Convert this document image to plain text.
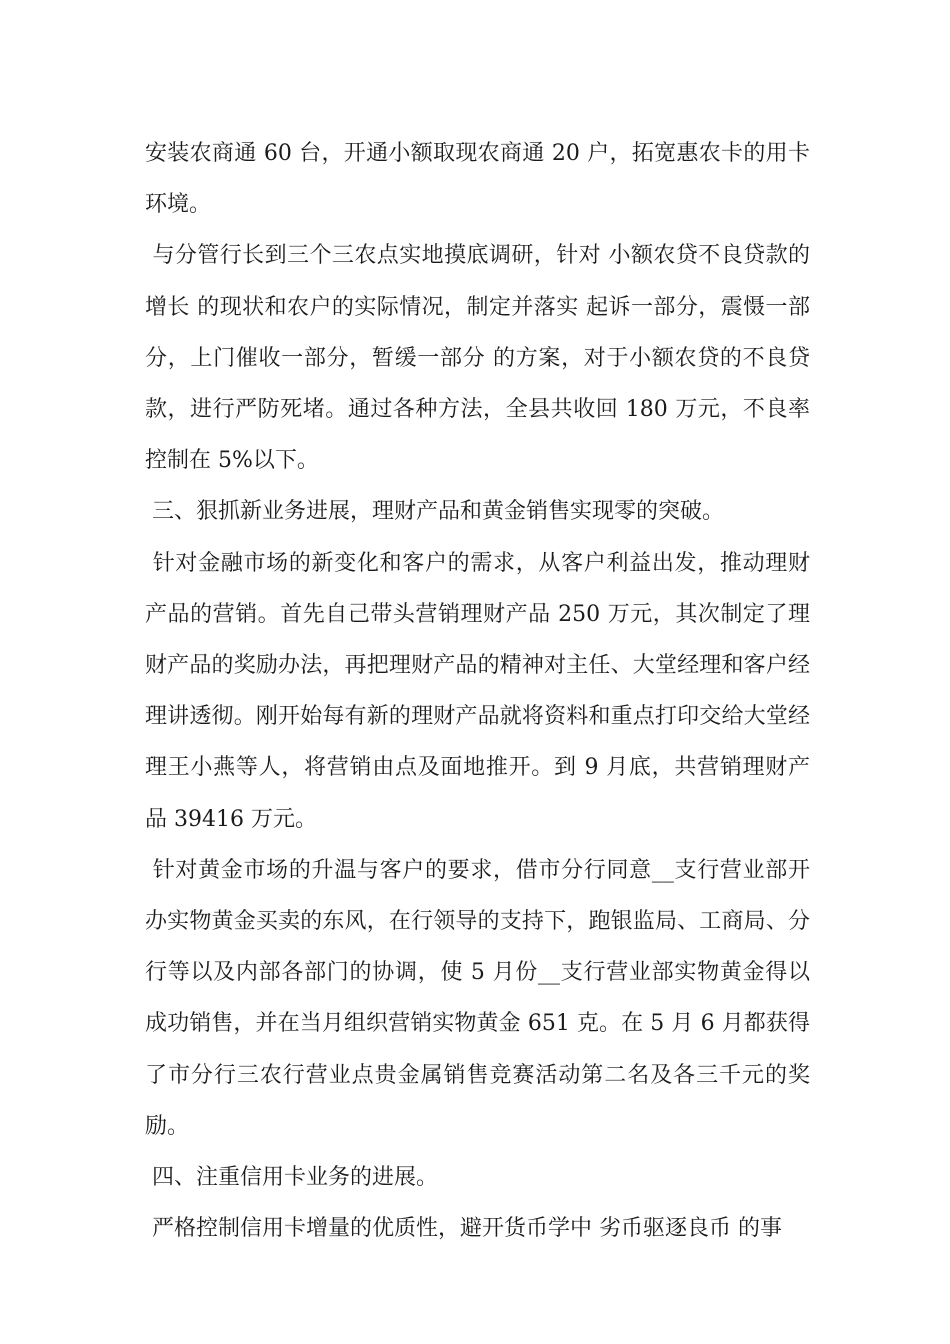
安装农商通 60 台，开通小额取现农商通 20 户，拓宽惠农卡的用卡环境。

与分管行长到三个三农点实地摸底调研，针对 小额农贷不良贷款的增长 的现状和农户的实际情况，制定并落实 起诉一部分，震慑一部分，上门催收一部分，暂缓一部分 的方案，对于小额农贷的不良贷款，进行严防死堵。通过各种方法，全县共收回 180 万元，不良率控制在 5%以下。

三、狠抓新业务进展，理财产品和黄金销售实现零的突破。

针对金融市场的新变化和客户的需求，从客户利益出发，推动理财产品的营销。首先自己带头营销理财产品 250 万元，其次制定了理财产品的奖励办法，再把理财产品的精神对主任、大堂经理和客户经理讲透彻。刚开始每有新的理财产品就将资料和重点打印交给大堂经理王小燕等人，将营销由点及面地推开。到 9 月底，共营销理财产品 39416 万元。

针对黄金市场的升温与客户的要求，借市分行同意__支行营业部开办实物黄金买卖的东风，在行领导的支持下，跑银监局、工商局、分行等以及内部各部门的协调，使 5 月份__支行营业部实物黄金得以成功销售，并在当月组织营销实物黄金 651 克。在 5 月 6 月都获得了市分行三农行营业点贵金属销售竞赛活动第二名及各三千元的奖励。

四、注重信用卡业务的进展。

严格控制信用卡增量的优质性，避开货币学中 劣币驱逐良币 的事
